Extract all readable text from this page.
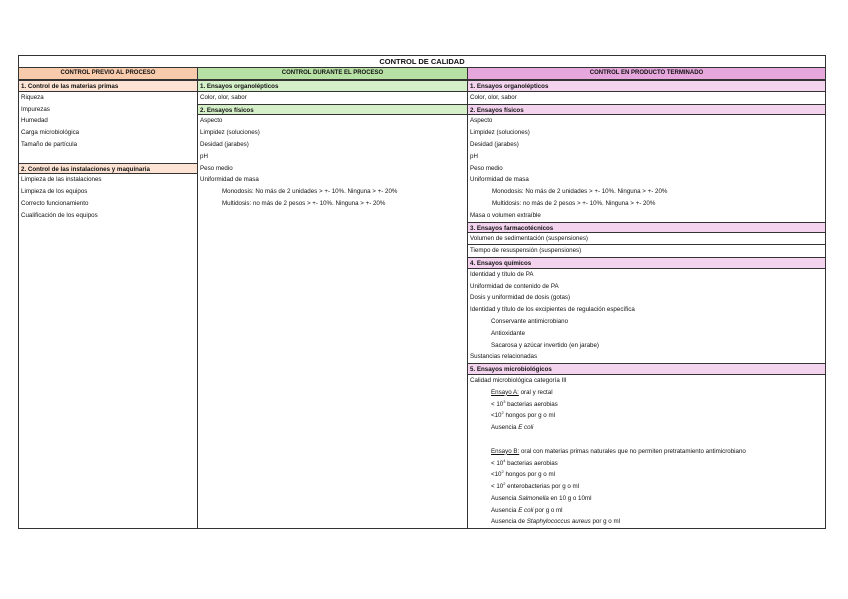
CONTROL DE CALIDAD
CONTROL PREVIO AL PROCESO
1. Control de las materias primas
Riqueza
Impurezas
Humedad
Carga microbiológica
Tamaño de partícula
2. Control de las instalaciones y maquinaria
Limpieza de las instalaciones
Limpieza de los equipos
Correcto funcionamiento
Cualificación de los equipos
CONTROL DURANTE EL PROCESO
1. Ensayos organolépticos
Color, olor, sabor
2. Ensayos físicos
Aspecto
Limpidez (soluciones)
Desidad (jarabes)
pH
Peso medio
Uniformidad de masa
Monodosis: No más de 2 unidades > +- 10%. Ninguna > +- 20%
Multidosis: no más de 2 pesos > +- 10%. Ninguna > +- 20%
CONTROL EN PRODUCTO TERMINADO
1. Ensayos organolépticos
Color, olor, sabor
2. Ensayos físicos
Aspecto
Limpidez (soluciones)
Desidad (jarabes)
pH
Peso medio
Uniformidad de masa
Monodosis: No más de 2 unidades > +- 10%. Ninguna > +- 20%
Multidosis: no más de 2 pesos > +- 10%. Ninguna > +- 20%
Masa o volumen extraíble
3. Ensayos farmacotécnicos
Volumen de sedimentación (suspensiones)
Tiempo de resuspensión (suspensiones)
4. Ensayos químicos
Identidad y título de PA
Uniformidad de contenido de PA
Dosis y uniformidad de dosis (gotas)
Identidad y título de los excipientes de regulación específica
Conservante antimicrobiano
Antioxidante
Sacarosa y azúcar invertido (en jarabe)
Sustancias relacionadas
5. Ensayos microbiológicos
Calidad microbiológica categoría III
Ensayo A: oral y rectal
< $10^3$ bacterias aerobias
$<10^2$ hongos por g o ml
Ausencia E coli
Ensayo B: oral con materias primas naturales que no permiten pretratamiento antimicrobiano
< $10^4$ bacterias aerobias
$<10^2$ hongos por g o ml
< $10^2$ enterobacterias por g o ml
Ausencia Salmonella en 10 g o 10ml
Ausencia E coli por g o ml
Ausencia de Staphylococcus aureus por g o ml
